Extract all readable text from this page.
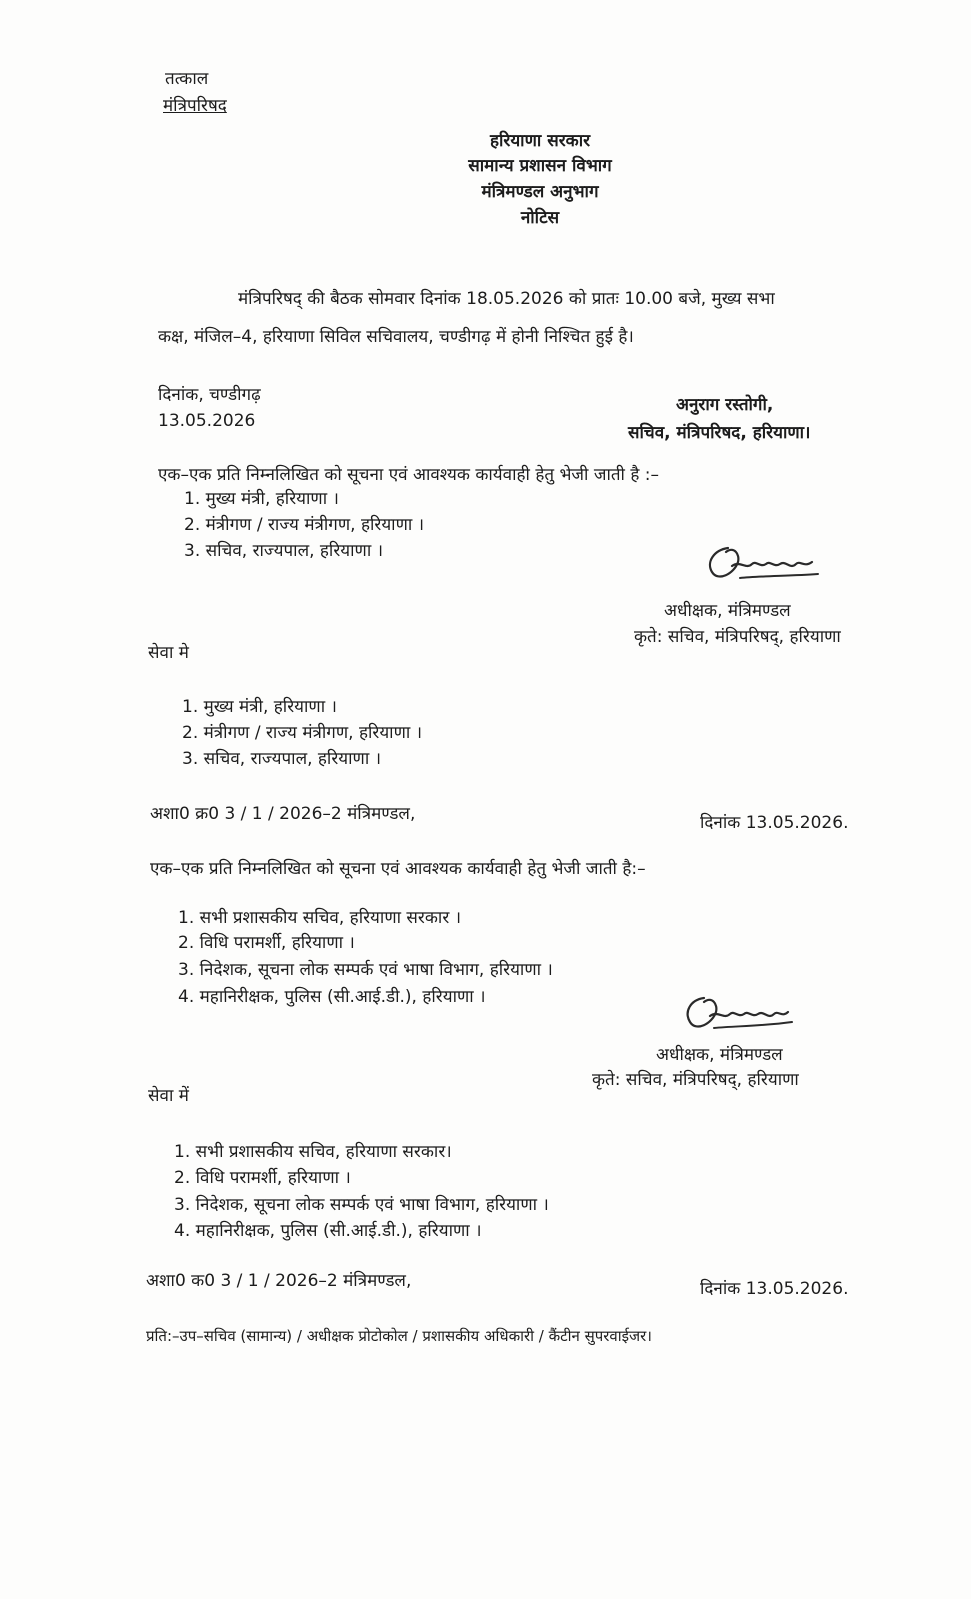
तत्काल
मंत्रिपरिषद
हरियाणा सरकार
सामान्य प्रशासन विभाग
मंत्रिमण्डल अनुभाग
नोटिस
मंत्रिपरिषद् की बैठक सोमवार दिनांक 18.05.2026 को प्रातः 10.00 बजे, मुख्य सभा
कक्ष, मंजिल–4, हरियाणा सिविल सचिवालय, चण्डीगढ़ में होनी निश्चित हुई है।
दिनांक, चण्डीगढ़
13.05.2026
अनुराग रस्तोगी,
सचिव, मंत्रिपरिषद, हरियाणा।
एक–एक प्रति निम्नलिखित को सूचना एवं आवश्यक कार्यवाही हेतु भेजी जाती है :–
1. मुख्य मंत्री, हरियाणा ।
2. मंत्रीगण / राज्य मंत्रीगण, हरियाणा ।
3. सचिव, राज्यपाल, हरियाणा ।
अधीक्षक, मंत्रिमण्डल
कृते: सचिव, मंत्रिपरिषद्, हरियाणा
सेवा मे
1. मुख्य मंत्री, हरियाणा ।
2. मंत्रीगण / राज्य मंत्रीगण, हरियाणा ।
3. सचिव, राज्यपाल, हरियाणा ।
अशा0 क्र0 3 / 1 / 2026–2 मंत्रिमण्डल,	दिनांक 13.05.2026.
एक–एक प्रति निम्नलिखित को सूचना एवं आवश्यक कार्यवाही हेतु भेजी जाती है:–
1. सभी प्रशासकीय सचिव, हरियाणा सरकार ।
2. विधि परामर्शी, हरियाणा ।
3. निदेशक, सूचना लोक सम्पर्क एवं भाषा विभाग, हरियाणा ।
4. महानिरीक्षक, पुलिस (सी.आई.डी.), हरियाणा ।
अधीक्षक, मंत्रिमण्डल
कृते: सचिव, मंत्रिपरिषद्, हरियाणा
सेवा में
1. सभी प्रशासकीय सचिव, हरियाणा सरकार।
2. विधि परामर्शी, हरियाणा ।
3. निदेशक, सूचना लोक सम्पर्क एवं भाषा विभाग, हरियाणा ।
4. महानिरीक्षक, पुलिस (सी.आई.डी.), हरियाणा ।
अशा0 क0 3 / 1 / 2026–2 मंत्रिमण्डल,	दिनांक 13.05.2026.
प्रति:–उप–सचिव (सामान्य) / अधीक्षक प्रोटोकोल / प्रशासकीय अधिकारी / कैंटीन सुपरवाईजर।
